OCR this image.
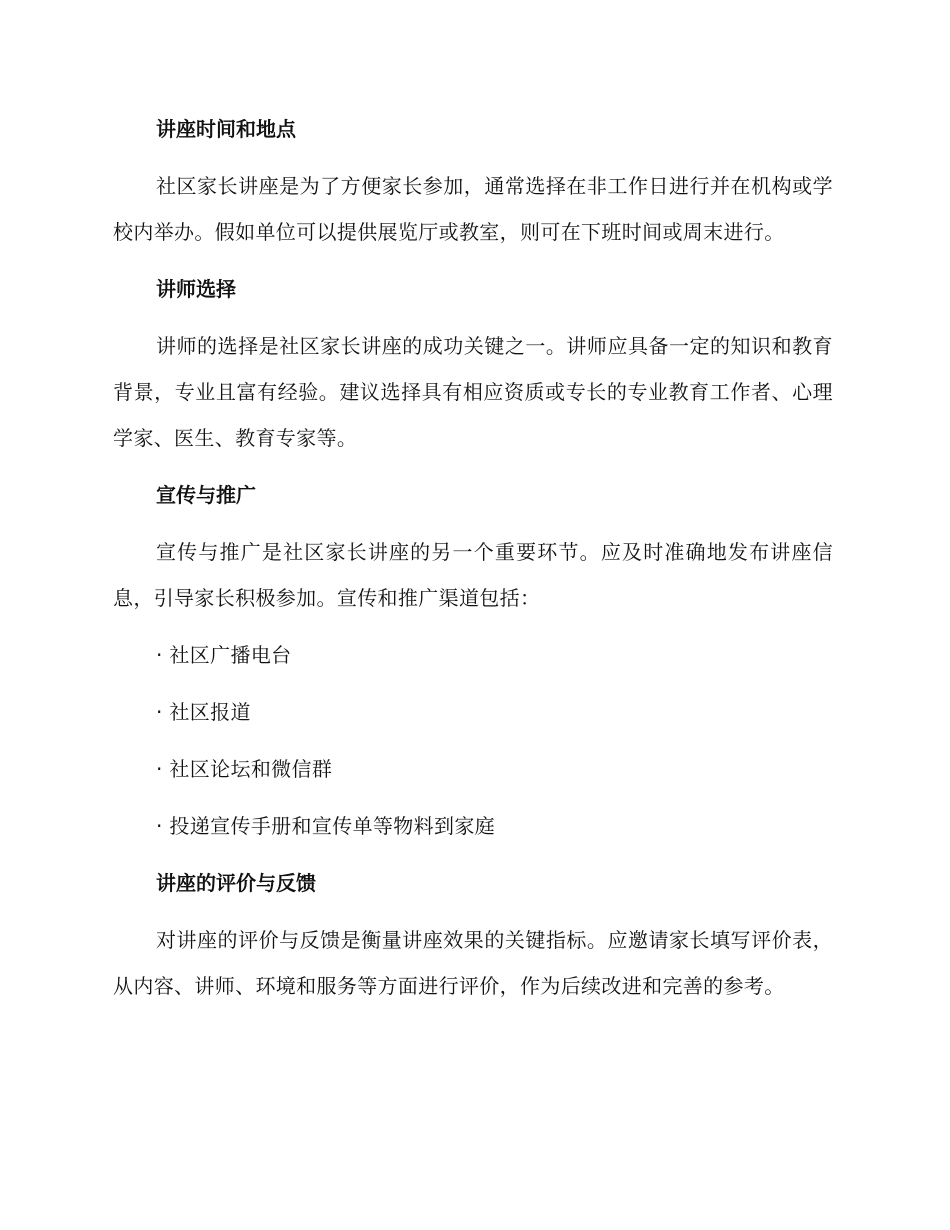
讲座时间和地点

社区家长讲座是为了方便家长参加，通常选择在非工作日进行并在机构或学校内举办。假如单位可以提供展览厅或教室，则可在下班时间或周末进行。

讲师选择

讲师的选择是社区家长讲座的成功关键之一。讲师应具备一定的知识和教育背景，专业且富有经验。建议选择具有相应资质或专长的专业教育工作者、心理学家、医生、教育专家等。

宣传与推广

宣传与推广是社区家长讲座的另一个重要环节。应及时准确地发布讲座信息，引导家长积极参加。宣传和推广渠道包括：

· 社区广播电台
· 社区报道
· 社区论坛和微信群
· 投递宣传手册和宣传单等物料到家庭
讲座的评价与反馈

对讲座的评价与反馈是衡量讲座效果的关键指标。应邀请家长填写评价表，从内容、讲师、环境和服务等方面进行评价，作为后续改进和完善的参考。
